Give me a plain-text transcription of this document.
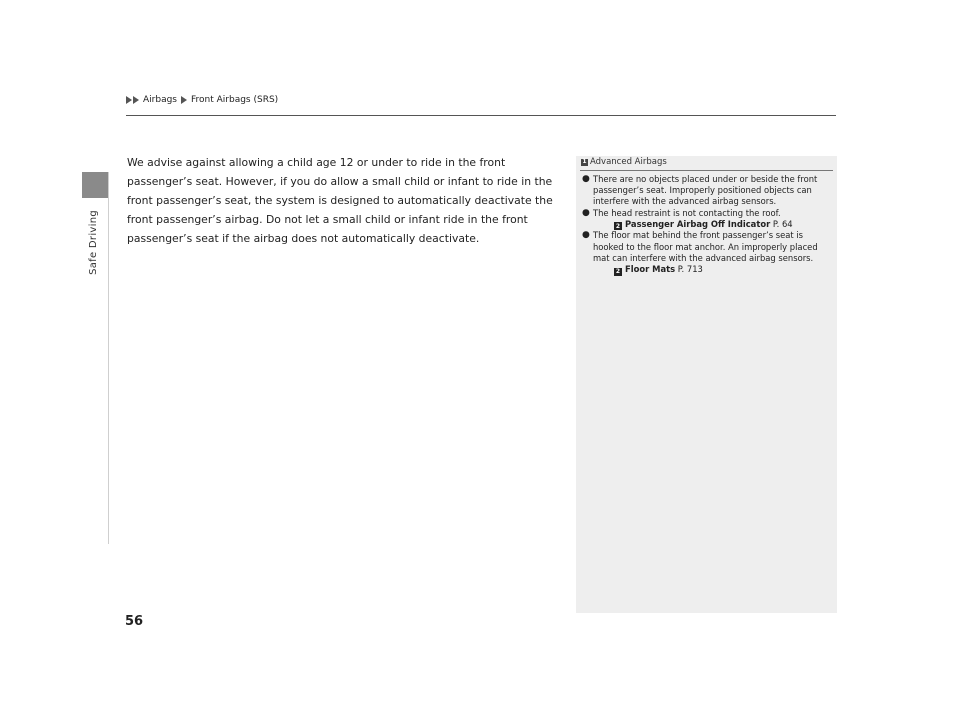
Safe Driving
Airbags Front Airbags (SRS)

We advise against allowing a child age 12 or under to ride in the front passenger’s seat. However, if you do allow a small child or infant to ride in the front passenger’s seat, the system is designed to automatically deactivate the front passenger’s airbag. Do not let a small child or infant ride in the front passenger’s seat if the airbag does not automatically deactivate.

1 Advanced Airbags
● There are no objects placed under or beside the front passenger’s seat. Improperly positioned objects can interfere with the advanced airbag sensors.
● The head restraint is not contacting the roof.
2 Passenger Airbag Off Indicator P. 64
● The floor mat behind the front passenger’s seat is hooked to the floor mat anchor. An improperly placed mat can interfere with the advanced airbag sensors.
2 Floor Mats P. 713
56
